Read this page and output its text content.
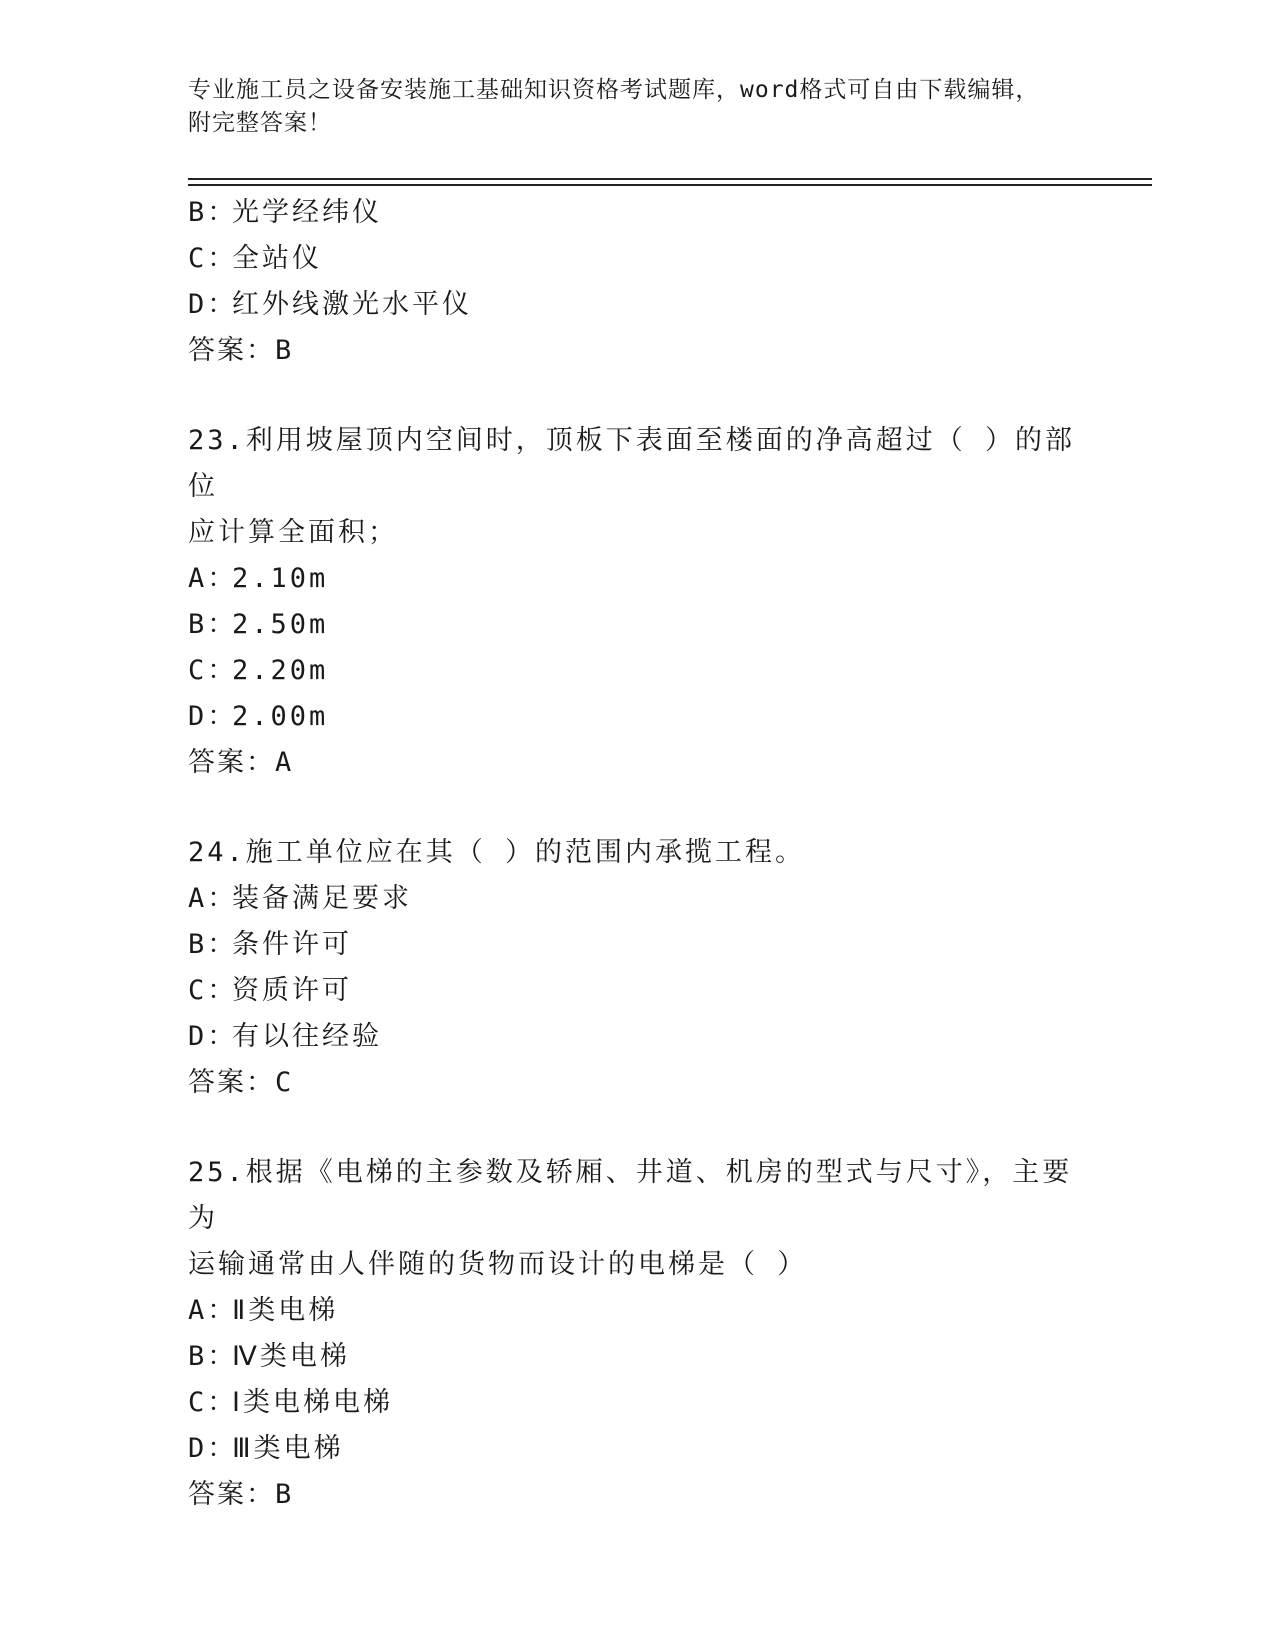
专业施工员之设备安装施工基础知识资格考试题库，word格式可自由下载编辑，
附完整答案！
B：光学经纬仪
C：全站仪
D：红外线激光水平仪
答案：B
23.利用坡屋顶内空间时，顶板下表面至楼面的净高超过（ ）的部位
应计算全面积；
A：2.10m
B：2.50m
C：2.20m
D：2.00m
答案：A
24.施工单位应在其（ ）的范围内承揽工程。
A：装备满足要求
B：条件许可
C：资质许可
D：有以往经验
答案：C
25.根据《电梯的主参数及轿厢、井道、机房的型式与尺寸》，主要为
运输通常由人伴随的货物而设计的电梯是（ ）
A：Ⅱ类电梯
B：Ⅳ类电梯
C：Ⅰ类电梯电梯
D：Ⅲ类电梯
答案：B
